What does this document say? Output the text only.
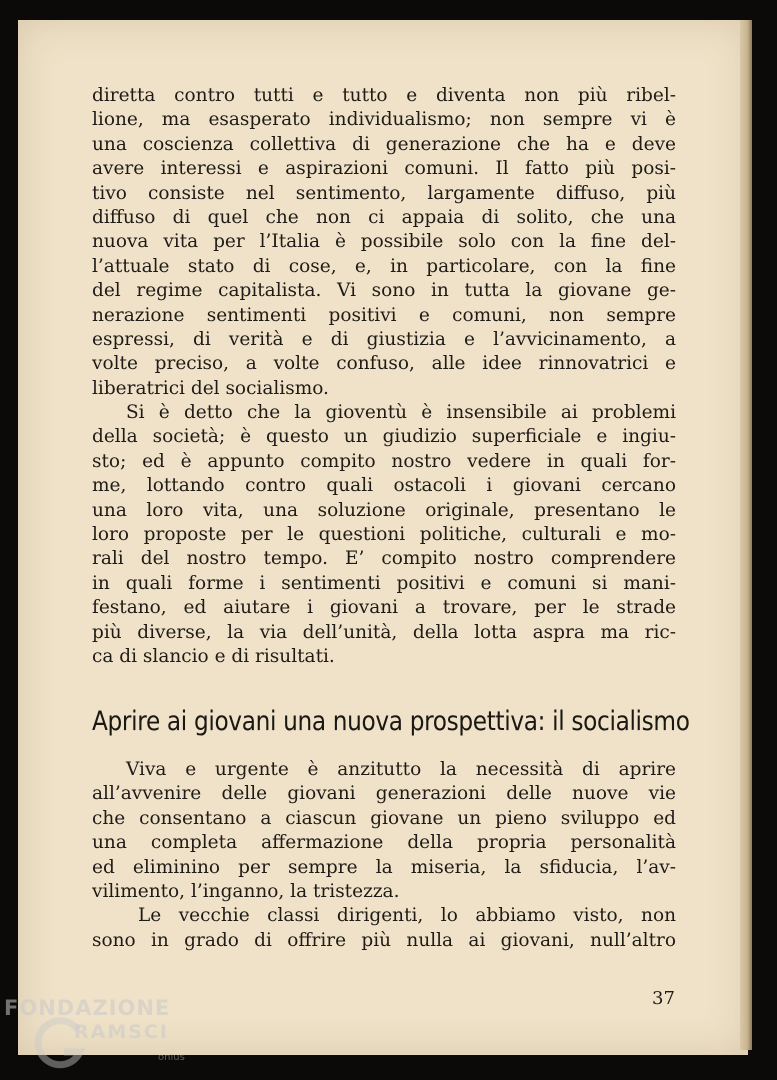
diretta contro tutti e tutto e diventa non più ribel-
lione, ma esasperato individualismo; non sempre vi è
una coscienza collettiva di generazione che ha e deve
avere interessi e aspirazioni comuni. Il fatto più posi-
tivo consiste nel sentimento, largamente diffuso, più
diffuso di quel che non ci appaia di solito, che una
nuova vita per l’Italia è possibile solo con la fine del-
l’attuale stato di cose, e, in particolare, con la fine
del regime capitalista. Vi sono in tutta la giovane ge-
nerazione sentimenti positivi e comuni, non sempre
espressi, di verità e di giustizia e l’avvicinamento, a
volte preciso, a volte confuso, alle idee rinnovatrici e
liberatrici del socialismo.
Si è detto che la gioventù è insensibile ai problemi
della società; è questo un giudizio superficiale e ingiu-
sto; ed è appunto compito nostro vedere in quali for-
me, lottando contro quali ostacoli i giovani cercano
una loro vita, una soluzione originale, presentano le
loro proposte per le questioni politiche, culturali e mo-
rali del nostro tempo. E’ compito nostro comprendere
in quali forme i sentimenti positivi e comuni si mani-
festano, ed aiutare i giovani a trovare, per le strade
più diverse, la via dell’unità, della lotta aspra ma ric-
ca di slancio e di risultati.
Aprire ai giovani una nuova prospettiva: il socialismo
Viva e urgente è anzitutto la necessità di aprire
all’avvenire delle giovani generazioni delle nuove vie
che consentano a ciascun giovane un pieno sviluppo ed
una completa affermazione della propria personalità
ed eliminino per sempre la miseria, la sfiducia, l’av-
vilimento, l’inganno, la tristezza.
Le vecchie classi dirigenti, lo abbiamo visto, non
sono in grado di offrire più nulla ai giovani, null’altro
37
FONDAZIONE
RAMSCI
onlus
